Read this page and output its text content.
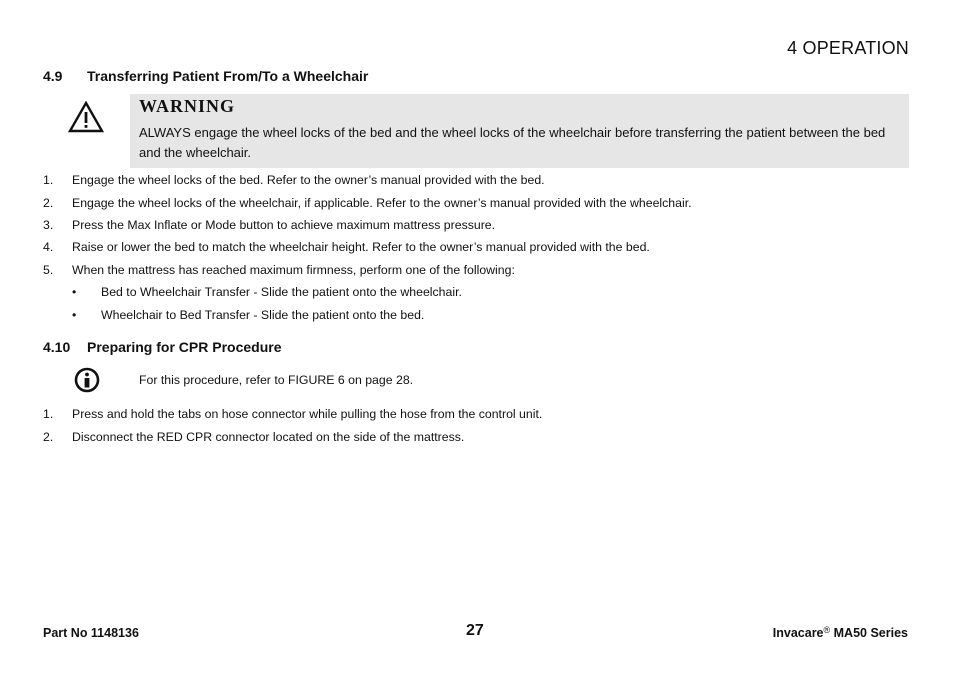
4 OPERATION
4.9 Transferring Patient From/To a Wheelchair
WARNING
ALWAYS engage the wheel locks of the bed and the wheel locks of the wheelchair before transferring the patient between the bed and the wheelchair.
1. Engage the wheel locks of the bed. Refer to the owner’s manual provided with the bed.
2. Engage the wheel locks of the wheelchair, if applicable. Refer to the owner’s manual provided with the wheelchair.
3. Press the Max Inflate or Mode button to achieve maximum mattress pressure.
4. Raise or lower the bed to match the wheelchair height. Refer to the owner’s manual provided with the bed.
5. When the mattress has reached maximum firmness, perform one of the following:
• Bed to Wheelchair Transfer - Slide the patient onto the wheelchair.
• Wheelchair to Bed Transfer - Slide the patient onto the bed.
4.10 Preparing for CPR Procedure
For this procedure, refer to FIGURE 6 on page 28.
1. Press and hold the tabs on hose connector while pulling the hose from the control unit.
2. Disconnect the RED CPR connector located on the side of the mattress.
Part No 1148136	27	Invacare® MA50 Series
